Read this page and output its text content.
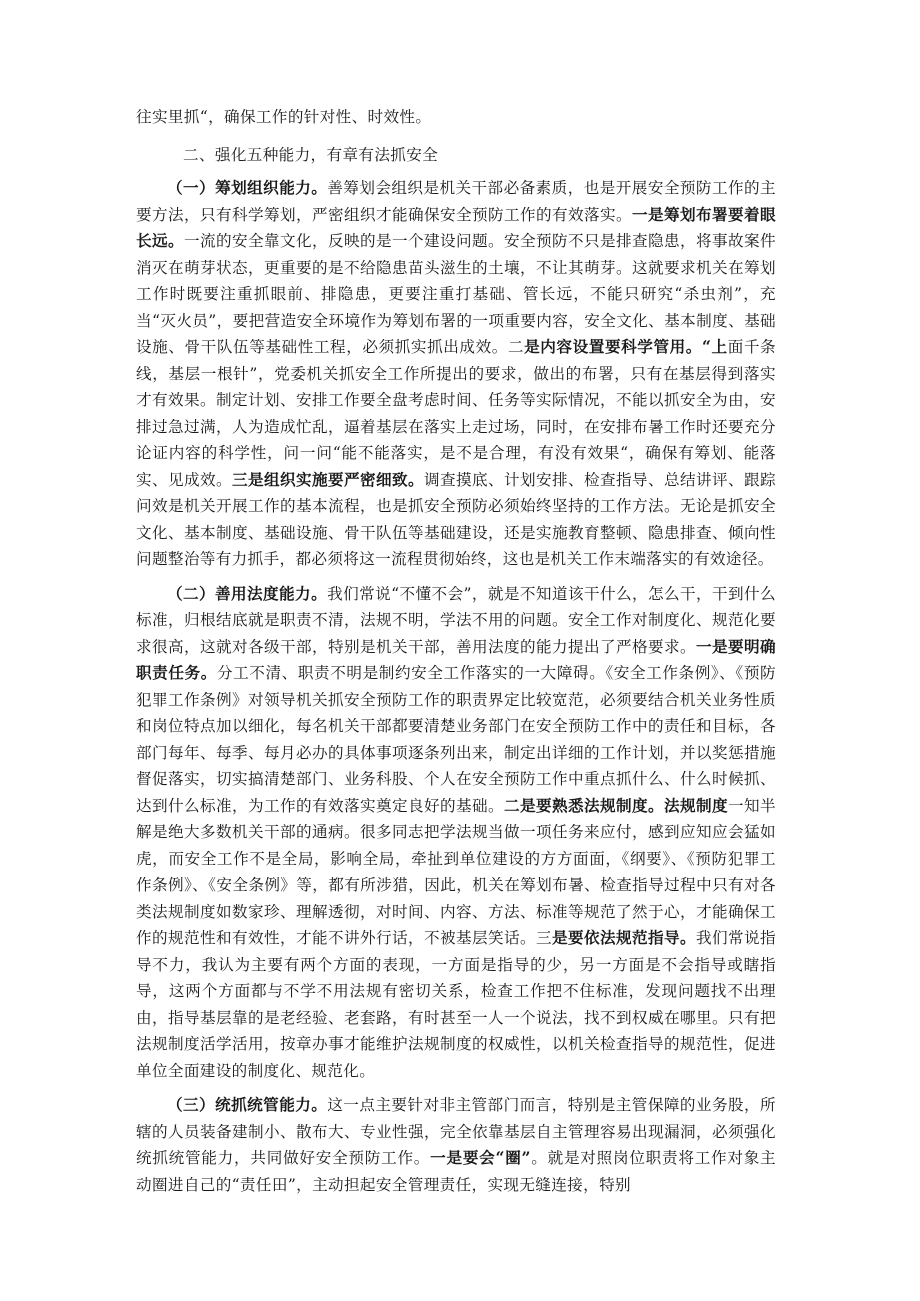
往实里抓“，确保工作的针对性、时效性。

二、强化五种能力，有章有法抓安全

（一）筹划组织能力。善筹划会组织是机关干部必备素质，也是开展安全预防工作的主要方法，只有科学筹划，严密组织才能确保安全预防工作的有效落实。一是筹划布署要着眼长远。一流的安全靠文化，反映的是一个建设问题。安全预防不只是排查隐患，将事故案件消灭在萌芽状态，更重要的是不给隐患苗头滋生的土壤，不让其萌芽。这就要求机关在筹划工作时既要注重抓眼前、排隐患，更要注重打基础、管长远，不能只研究“杀虫剂”，充当“灭火员”，要把营造安全环境作为筹划布署的一项重要内容，安全文化、基本制度、基础设施、骨干队伍等基础性工程，必须抓实抓出成效。二是内容设置要科学管用。“上面千条线，基层一根针”，党委机关抓安全工作所提出的要求，做出的布署，只有在基层得到落实才有效果。制定计划、安排工作要全盘考虑时间、任务等实际情况，不能以抓安全为由，安排过急过满，人为造成忙乱，逼着基层在落实上走过场，同时，在安排布暑工作时还要充分论证内容的科学性，问一问“能不能落实，是不是合理，有没有效果“，确保有筹划、能落实、见成效。三是组织实施要严密细致。调查摸底、计划安排、检查指导、总结讲评、跟踪问效是机关开展工作的基本流程，也是抓安全预防必须始终坚持的工作方法。无论是抓安全文化、基本制度、基础设施、骨干队伍等基础建设，还是实施教育整顿、隐患排查、倾向性问题整治等有力抓手，都必须将这一流程贯彻始终，这也是机关工作末端落实的有效途径。

（二）善用法度能力。我们常说“不懂不会”，就是不知道该干什么，怎么干，干到什么标准，归根结底就是职责不清，法规不明，学法不用的问题。安全工作对制度化、规范化要求很高，这就对各级干部，特别是机关干部，善用法度的能力提出了严格要求。一是要明确职责任务。分工不清、职责不明是制约安全工作落实的一大障碍。《安全工作条例》、《预防犯罪工作条例》对领导机关抓安全预防工作的职责界定比较宽范，必须要结合机关业务性质和岗位特点加以细化，每名机关干部都要清楚业务部门在安全预防工作中的责任和目标，各部门每年、每季、每月必办的具体事项逐条列出来，制定出详细的工作计划，并以奖惩措施督促落实，切实搞清楚部门、业务科股、个人在安全预防工作中重点抓什么、什么时候抓、达到什么标准，为工作的有效落实奠定良好的基础。二是要熟悉法规制度。法规制度一知半解是绝大多数机关干部的通病。很多同志把学法规当做一项任务来应付，感到应知应会猛如虎，而安全工作不是全局，影响全局，牵扯到单位建设的方方面面，《纲要》、《预防犯罪工作条例》、《安全条例》等，都有所涉猎，因此，机关在筹划布暑、检查指导过程中只有对各类法规制度如数家珍、理解透彻，对时间、内容、方法、标准等规范了然于心，才能确保工作的规范性和有效性，才能不讲外行话，不被基层笑话。三是要依法规范指导。我们常说指导不力，我认为主要有两个方面的表现，一方面是指导的少，另一方面是不会指导或瞎指导，这两个方面都与不学不用法规有密切关系，检查工作把不住标准，发现问题找不出理由，指导基层靠的是老经验、老套路，有时甚至一人一个说法，找不到权威在哪里。只有把法规制度活学活用，按章办事才能维护法规制度的权威性，以机关检查指导的规范性，促进单位全面建设的制度化、规范化。

（三）统抓统管能力。这一点主要针对非主管部门而言，特别是主管保障的业务股，所辖的人员装备建制小、散布大、专业性强，完全依靠基层自主管理容易出现漏洞，必须强化统抓统管能力，共同做好安全预防工作。一是要会“圈”。就是对照岗位职责将工作对象主动圈进自己的“责任田”，主动担起安全管理责任，实现无缝连接，特别
